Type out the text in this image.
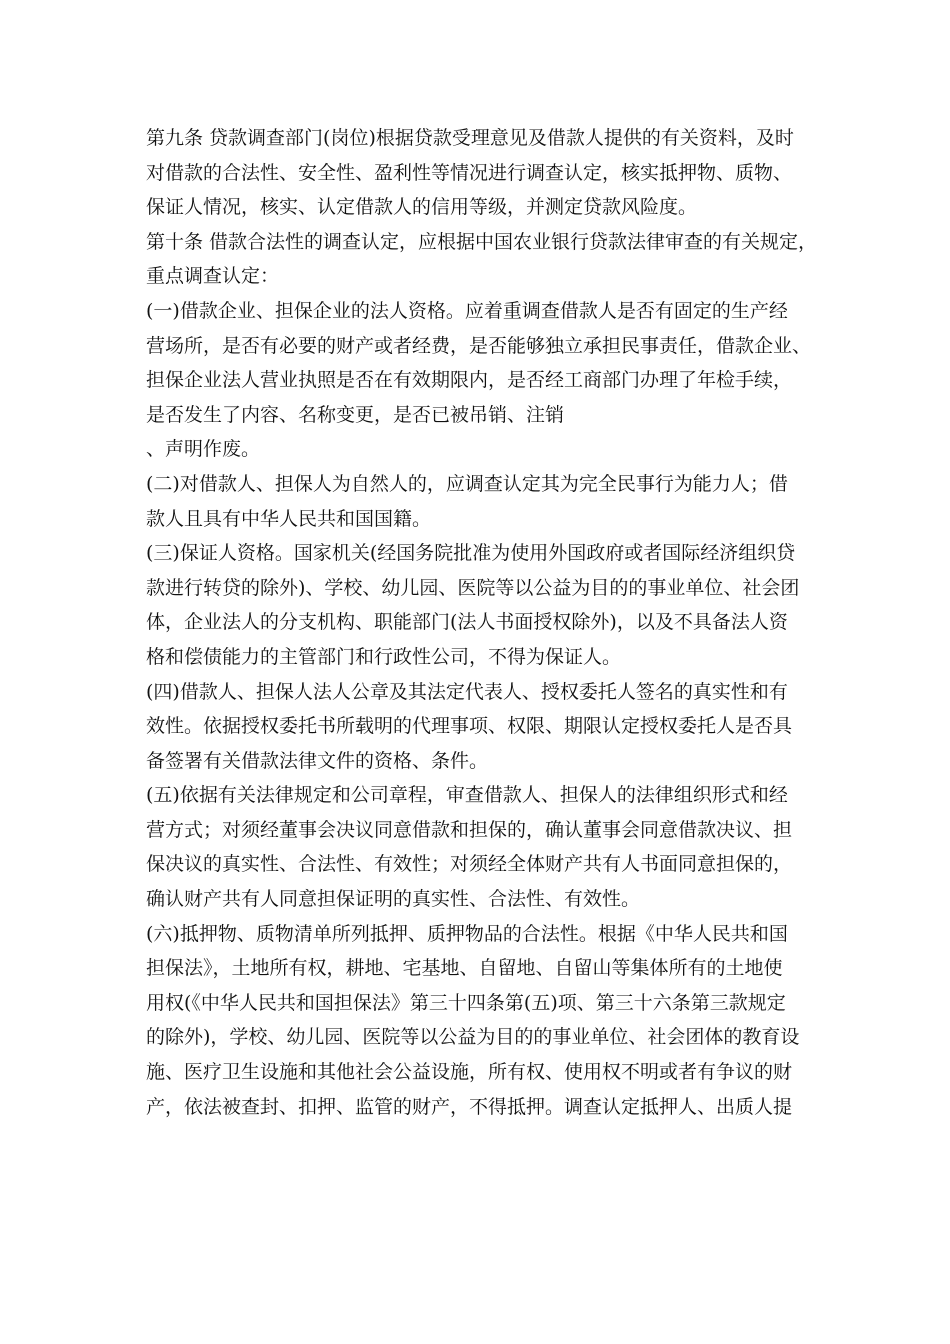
第九条 贷款调查部门(岗位)根据贷款受理意见及借款人提供的有关资料，及时
对借款的合法性、安全性、盈利性等情况进行调查认定，核实抵押物、质物、
保证人情况，核实、认定借款人的信用等级，并测定贷款风险度。
第十条 借款合法性的调查认定，应根据中国农业银行贷款法律审查的有关规定，
重点调查认定：
(一)借款企业、担保企业的法人资格。应着重调查借款人是否有固定的生产经
营场所，是否有必要的财产或者经费，是否能够独立承担民事责任，借款企业、
担保企业法人营业执照是否在有效期限内，是否经工商部门办理了年检手续，
是否发生了内容、名称变更，是否已被吊销、注销
、声明作废。
(二)对借款人、担保人为自然人的，应调查认定其为完全民事行为能力人；借
款人且具有中华人民共和国国籍。
(三)保证人资格。国家机关(经国务院批准为使用外国政府或者国际经济组织贷
款进行转贷的除外)、学校、幼儿园、医院等以公益为目的的事业单位、社会团
体，企业法人的分支机构、职能部门(法人书面授权除外)，以及不具备法人资
格和偿债能力的主管部门和行政性公司，不得为保证人。
(四)借款人、担保人法人公章及其法定代表人、授权委托人签名的真实性和有
效性。依据授权委托书所载明的代理事项、权限、期限认定授权委托人是否具
备签署有关借款法律文件的资格、条件。
(五)依据有关法律规定和公司章程，审查借款人、担保人的法律组织形式和经
营方式；对须经董事会决议同意借款和担保的，确认董事会同意借款决议、担
保决议的真实性、合法性、有效性；对须经全体财产共有人书面同意担保的，
确认财产共有人同意担保证明的真实性、合法性、有效性。
(六)抵押物、质物清单所列抵押、质押物品的合法性。根据《中华人民共和国
担保法》，土地所有权，耕地、宅基地、自留地、自留山等集体所有的土地使
用权(《中华人民共和国担保法》第三十四条第(五)项、第三十六条第三款规定
的除外)，学校、幼儿园、医院等以公益为目的的事业单位、社会团体的教育设
施、医疗卫生设施和其他社会公益设施，所有权、使用权不明或者有争议的财
产，依法被查封、扣押、监管的财产，不得抵押。调查认定抵押人、出质人提
